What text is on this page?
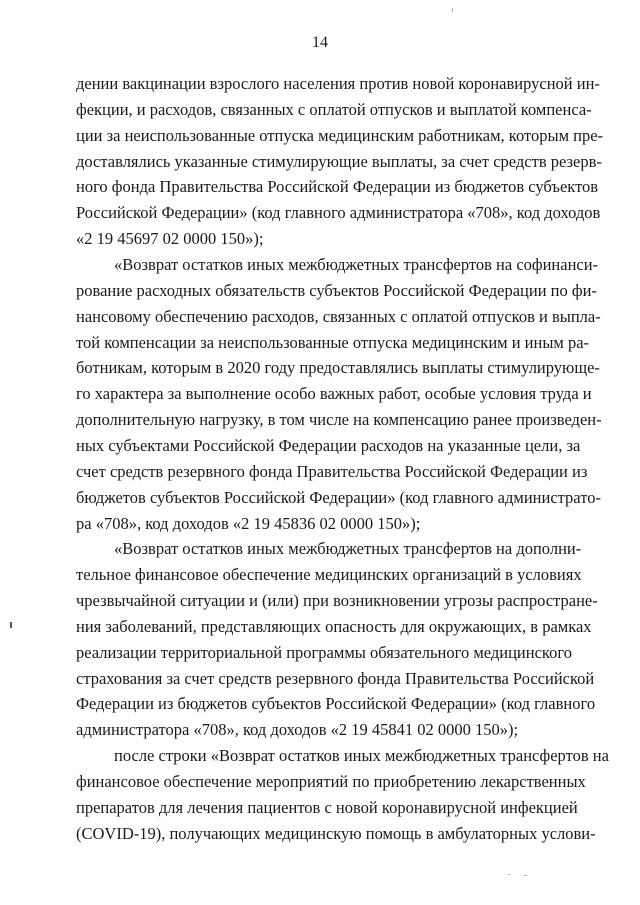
14
дении вакцинации взрослого населения против новой коронавирусной ин-
фекции, и расходов, связанных с оплатой отпусков и выплатой компенса-
ции за неиспользованные отпуска медицинским работникам, которым пре-
доставлялись указанные стимулирующие выплаты, за счет средств резерв-
ного фонда Правительства Российской Федерации из бюджетов субъектов
Российской Федерации» (код главного администратора «708», код доходов
«2 19 45697 02 0000 150»);
«Возврат остатков иных межбюджетных трансфертов на софинанси-
рование расходных обязательств субъектов Российской Федерации по фи-
нансовому обеспечению расходов, связанных с оплатой отпусков и выпла-
той компенсации за неиспользованные отпуска медицинским и иным ра-
ботникам, которым в 2020 году предоставлялись выплаты стимулирующе-
го характера за выполнение особо важных работ, особые условия труда и
дополнительную нагрузку, в том числе на компенсацию ранее произведен-
ных субъектами Российской Федерации расходов на указанные цели, за
счет средств резервного фонда Правительства Российской Федерации из
бюджетов субъектов Российской Федерации» (код главного администрато-
ра «708», код доходов «2 19 45836 02 0000 150»);
«Возврат остатков иных межбюджетных трансфертов на дополни-
тельное финансовое обеспечение медицинских организаций в условиях
чрезвычайной ситуации и (или) при возникновении угрозы распростране-
ния заболеваний, представляющих опасность для окружающих, в рамках
реализации территориальной программы обязательного медицинского
страхования за счет средств резервного фонда Правительства Российской
Федерации из бюджетов субъектов Российской Федерации» (код главного
администратора «708», код доходов «2 19 45841 02 0000 150»);
после строки «Возврат остатков иных межбюджетных трансфертов на
финансовое обеспечение мероприятий по приобретению лекарственных
препаратов для лечения пациентов с новой коронавирусной инфекцией
(COVID-19), получающих медицинскую помощь в амбулаторных услови-
